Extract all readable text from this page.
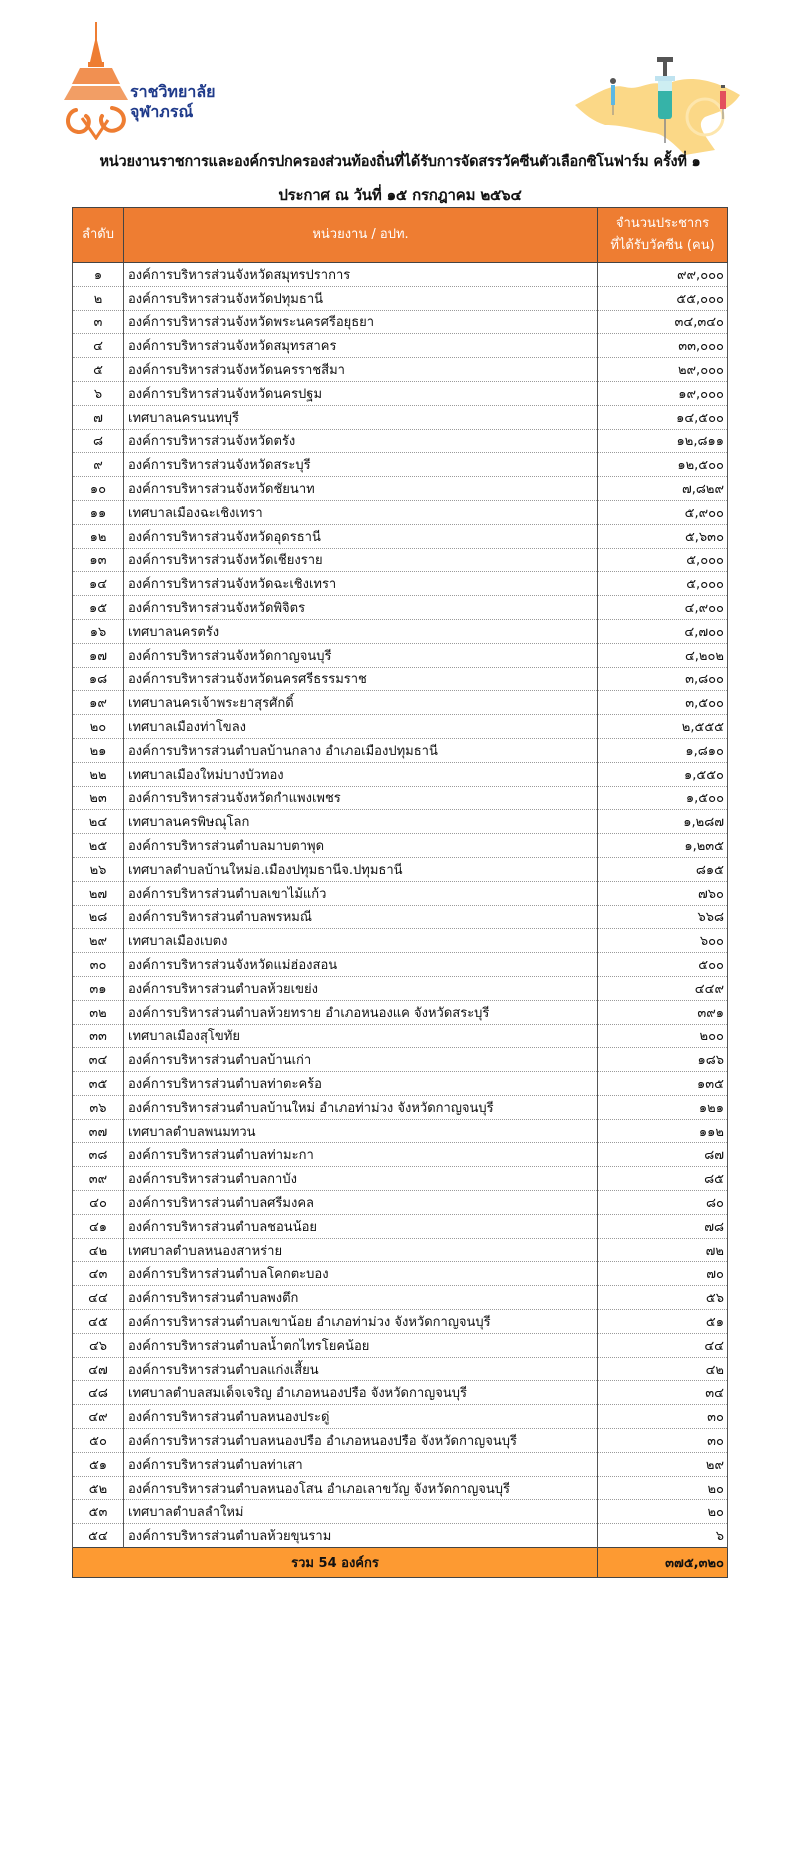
ราชวิทยาลัย
จุฬาภรณ์
หน่วยงานราชการและองค์กรปกครองส่วนท้องถิ่นที่ได้รับการจัดสรรวัคซีนตัวเลือกซิโนฟาร์ม ครั้งที่ ๑
ประกาศ ณ วันที่ ๑๕ กรกฎาคม ๒๕๖๔
ลำดับ	หน่วยงาน / อปท.	จำนวนประชากร
ที่ได้รับวัคซีน (คน)

๑	องค์การบริหารส่วนจังหวัดสมุทรปราการ	๙๙,๐๐๐
๒	องค์การบริหารส่วนจังหวัดปทุมธานี	๕๕,๐๐๐
๓	องค์การบริหารส่วนจังหวัดพระนครศรีอยุธยา	๓๔,๓๔๐
๔	องค์การบริหารส่วนจังหวัดสมุทรสาคร	๓๓,๐๐๐
๕	องค์การบริหารส่วนจังหวัดนครราชสีมา	๒๙,๐๐๐
๖	องค์การบริหารส่วนจังหวัดนครปฐม	๑๙,๐๐๐
๗	เทศบาลนครนนทบุรี	๑๔,๕๐๐
๘	องค์การบริหารส่วนจังหวัดตรัง	๑๒,๘๑๑
๙	องค์การบริหารส่วนจังหวัดสระบุรี	๑๒,๕๐๐
๑๐	องค์การบริหารส่วนจังหวัดชัยนาท	๗,๘๒๙
๑๑	เทศบาลเมืองฉะเชิงเทรา	๕,๙๐๐
๑๒	องค์การบริหารส่วนจังหวัดอุดรธานี	๕,๖๓๐
๑๓	องค์การบริหารส่วนจังหวัดเชียงราย	๕,๐๐๐
๑๔	องค์การบริหารส่วนจังหวัดฉะเชิงเทรา	๕,๐๐๐
๑๕	องค์การบริหารส่วนจังหวัดพิจิตร	๔,๙๐๐
๑๖	เทศบาลนครตรัง	๔,๗๐๐
๑๗	องค์การบริหารส่วนจังหวัดกาญจนบุรี	๔,๒๐๒
๑๘	องค์การบริหารส่วนจังหวัดนครศรีธรรมราช	๓,๘๐๐
๑๙	เทศบาลนครเจ้าพระยาสุรศักดิ์	๓,๕๐๐
๒๐	เทศบาลเมืองท่าโขลง	๒,๕๕๕
๒๑	องค์การบริหารส่วนตำบลบ้านกลาง อำเภอเมืองปทุมธานี	๑,๘๑๐
๒๒	เทศบาลเมืองใหม่บางบัวทอง	๑,๕๕๐
๒๓	องค์การบริหารส่วนจังหวัดกำแพงเพชร	๑,๕๐๐
๒๔	เทศบาลนครพิษณุโลก	๑,๒๘๗
๒๕	องค์การบริหารส่วนตำบลมาบตาพุด	๑,๒๓๕
๒๖	เทศบาลตำบลบ้านใหม่อ.เมืองปทุมธานีจ.ปทุมธานี	๘๑๕
๒๗	องค์การบริหารส่วนตำบลเขาไม้แก้ว	๗๖๐
๒๘	องค์การบริหารส่วนตำบลพรหมณี	๖๖๘
๒๙	เทศบาลเมืองเบตง	๖๐๐
๓๐	องค์การบริหารส่วนจังหวัดแม่ฮ่องสอน	๕๐๐
๓๑	องค์การบริหารส่วนตำบลห้วยเขย่ง	๔๔๙
๓๒	องค์การบริหารส่วนตำบลห้วยทราย อำเภอหนองแค จังหวัดสระบุรี	๓๙๑
๓๓	เทศบาลเมืองสุโขทัย	๒๐๐
๓๔	องค์การบริหารส่วนตำบลบ้านเก่า	๑๘๖
๓๕	องค์การบริหารส่วนตำบลท่าตะคร้อ	๑๓๕
๓๖	องค์การบริหารส่วนตำบลบ้านใหม่ อำเภอท่าม่วง จังหวัดกาญจนบุรี	๑๒๑
๓๗	เทศบาลตำบลพนมทวน	๑๑๒
๓๘	องค์การบริหารส่วนตำบลท่ามะกา	๘๗
๓๙	องค์การบริหารส่วนตำบลกาบัง	๘๕
๔๐	องค์การบริหารส่วนตำบลศรีมงคล	๘๐
๔๑	องค์การบริหารส่วนตำบลชอนน้อย	๗๘
๔๒	เทศบาลตำบลหนองสาหร่าย	๗๒
๔๓	องค์การบริหารส่วนตำบลโคกตะบอง	๗๐
๔๔	องค์การบริหารส่วนตำบลพงตึก	๕๖
๔๕	องค์การบริหารส่วนตำบลเขาน้อย อำเภอท่าม่วง จังหวัดกาญจนบุรี	๕๑
๔๖	องค์การบริหารส่วนตำบลน้ำตกไทรโยคน้อย	๔๔
๔๗	องค์การบริหารส่วนตำบลแก่งเสี้ยน	๔๒
๔๘	เทศบาลตำบลสมเด็จเจริญ อำเภอหนองปรือ จังหวัดกาญจนบุรี	๓๔
๔๙	องค์การบริหารส่วนตำบลหนองประดู่	๓๐
๕๐	องค์การบริหารส่วนตำบลหนองปรือ อำเภอหนองปรือ จังหวัดกาญจนบุรี	๓๐
๕๑	องค์การบริหารส่วนตำบลท่าเสา	๒๙
๕๒	องค์การบริหารส่วนตำบลหนองโสน อำเภอเลาขวัญ จังหวัดกาญจนบุรี	๒๐
๕๓	เทศบาลตำบลลำใหม่	๒๐
๕๔	องค์การบริหารส่วนตำบลห้วยขุนราม	๖
รวม 54 องค์กร		๓๗๕,๓๒๐
